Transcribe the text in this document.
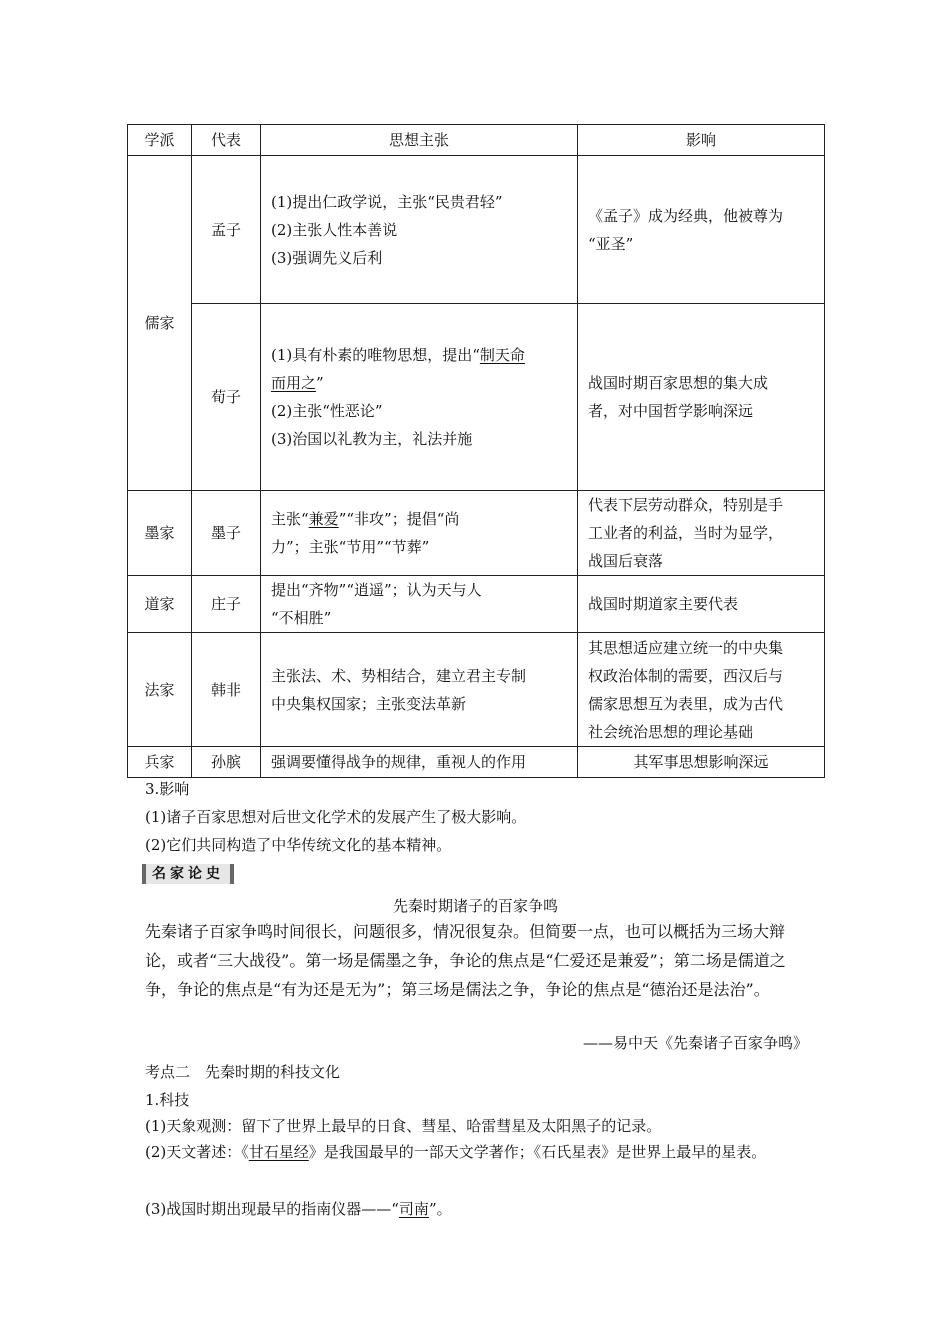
学派	代表	思想主张	影响
儒家	孟子	(1)提出仁政学说，主张“民贵君轻”
(2)主张人性本善说
(3)强调先义后利	《孟子》成为经典，他被尊为
“亚圣”

	荀子	(1)具有朴素的唯物思想，提出“制天命
而用之”
(2)主张“性恶论”
(3)治国以礼教为主，礼法并施	战国时期百家思想的集大成
者，对中国哲学影响深远

墨家	墨子	主张“兼爱”“非攻”；提倡“尚
力”；主张“节用”“节葬”	代表下层劳动群众，特别是手
工业者的利益，当时为显学，
战国后衰落

道家	庄子	提出“齐物”“逍遥”；认为天与人
“不相胜”	战国时期道家主要代表

法家	韩非	主张法、术、势相结合，建立君主专制
中央集权国家；主张变法革新	其思想适应建立统一的中央集
权政治体制的需要，西汉后与
儒家思想互为表里，成为古代
社会统治思想的理论基础

兵家	孙膑	强调要懂得战争的规律，重视人的作用	其军事思想影响深远
3.影响
(1)诸子百家思想对后世文化学术的发展产生了极大影响。
(2)它们共同构造了中华传统文化的基本精神。
名家论史
先秦时期诸子的百家争鸣
先秦诸子百家争鸣时间很长，问题很多，情况很复杂。但简要一点，也可以概括为三场大辩论，或者“三大战役”。第一场是儒墨之争，争论的焦点是“仁爱还是兼爱”；第二场是儒道之争，争论的焦点是“有为还是无为”；第三场是儒法之争，争论的焦点是“德治还是法治”。
——易中天《先秦诸子百家争鸣》
考点二　先秦时期的科技文化
1.科技
(1)天象观测：留下了世界上最早的日食、彗星、哈雷彗星及太阳黑子的记录。
(2)天文著述：《甘石星经》是我国最早的一部天文学著作；《石氏星表》是世界上最早的星表。
(3)战国时期出现最早的指南仪器——“司南”。
